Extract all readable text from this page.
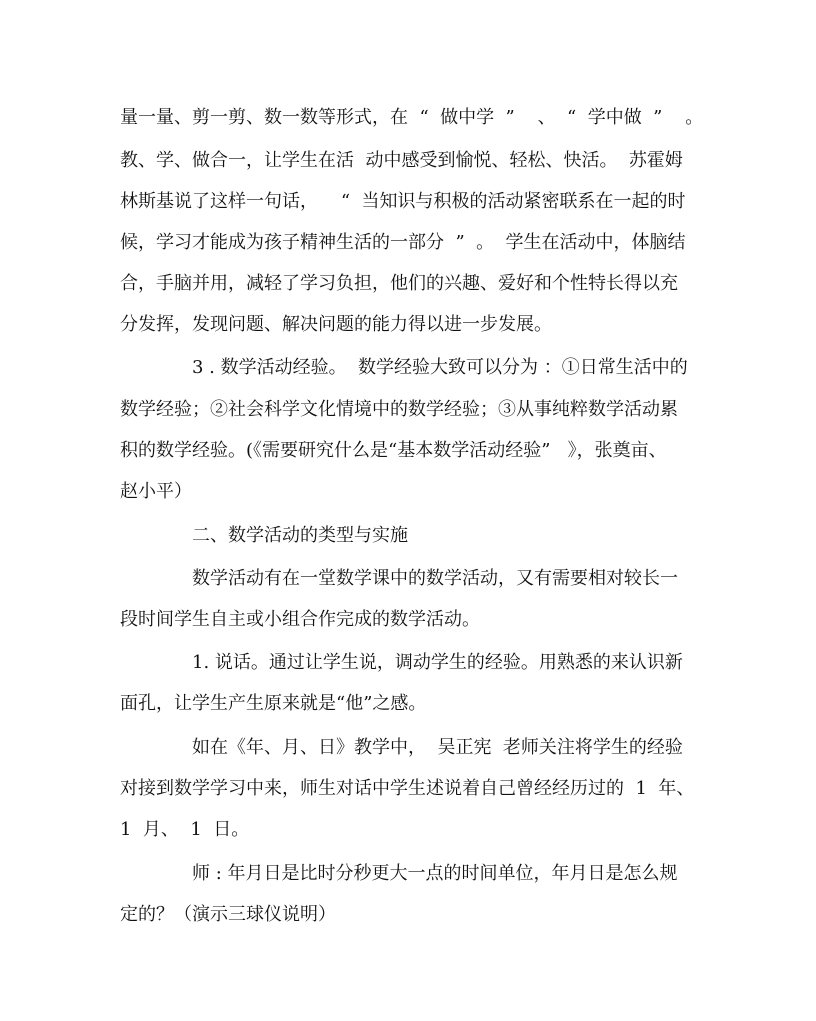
量一量、剪一剪、数一数等形式，在  “  做中学  ”    、  “  学中做  ”    。

教、学、做合一，让学生在活  动中感受到愉悦、轻松、快活。  苏霍姆

林斯基说了这样一句话，    “  当知识与积极的活动紧密联系在一起的时

候，学习才能成为孩子精神生活的一部分  ”  。  学生在活动中，体脑结

合，手脑并用，减轻了学习负担，他们的兴趣、爱好和个性特长得以充

分发挥，发现问题、解决问题的能力得以进一步发展。

3 . 数学活动经验。  数学经验大致可以分为 ：①日常生活中的

数学经验；②社会科学文化情境中的数学经验；③从事纯粹数学活动累

积的数学经验。(《需要研究什么是“基本数学活动经验”   》，张奠亩、

赵小平）

二、数学活动的类型与实施

数学活动有在一堂数学课中的数学活动，又有需要相对较长一

段时间学生自主或小组合作完成的数学活动。

1. 说话。通过让学生说，调动学生的经验。用熟悉的来认识新

面孔，让学生产生原来就是“他”之感。

如在《年、月、日》教学中，  吴正宪  老师关注将学生的经验

对接到数学学习中来，师生对话中学生述说着自己曾经经历过的  1  年、

1  月、  1  日。

师 : 年月日是比时分秒更大一点的时间单位，年月日是怎么规

定的？（演示三球仪说明）
